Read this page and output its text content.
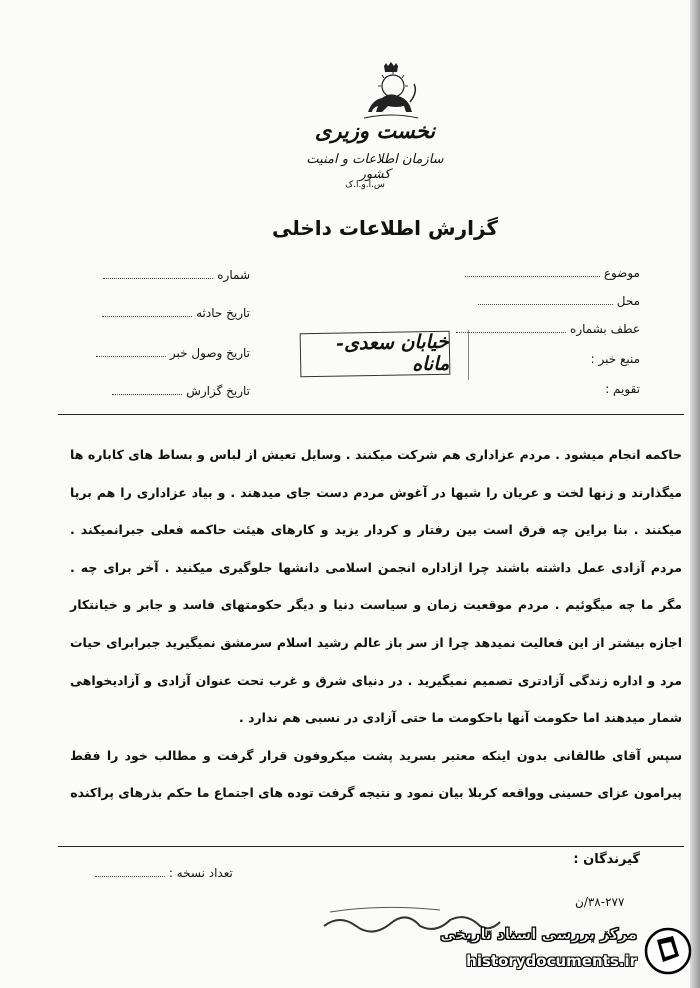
نخست وزیری
سازمان اطلاعات و امنیت کشور
س.ا.و.ا.ک
گزارش اطلاعات داخلی
موضوع
محل
عطف بشماره
منبع خبر :
تقویم :
شماره
تاریخ حادثه
تاریخ وصول خبر
تاریخ گزارش
خیابان سعدی-ماناه

حاکمه انجام میشود . مردم عزاداری هم شرکت میکنند . وسایل تعیش از لباس و بساط های کاباره ها میگذارند و زنها لخت و عریان را شبها در آغوش مردم دست جای میدهند . و بیاد عزاداری را هم برپا میکنند . بنا براین چه فرق است بین رفتار و کردار یزید و کارهای هیئت حاکمه فعلی جبرانمیکند . مردم آزادی عمل داشته باشند چرا ازاداره انجمن اسلامی دانشها جلوگیری میکنید . آخر برای چه . مگر ما چه میگوئیم . مردم موقعیت زمان و سیاست دنیا و دیگر حکومتهای فاسد و جابر و خیانتکار اجازه بیشتر از این فعالیت نمیدهد چرا از سر باز عالم رشید اسلام سرمشق نمیگیرید جبرابرای حیات مرد و اداره زندگی آزادتری تصمیم نمیگیرید . در دنیای شرق و غرب تحت عنوان آزادی و آزادیخواهی شمار میدهند اما حکومت آنها باحکومت ما حتی آزادی در نسبی هم ندارد .

سپس آقای طالقانی بدون اینکه معتبر بسرید پشت میکروفون قرار گرفت و مطالب خود را فقط پیرامون عزای حسینی وواقعه کربلا بیان نمود و نتیجه گرفت توده های اجتماع ما حکم بذرهای پراکنده

گیرندگان :
تعداد نسخه :
۳۸-۲۷۷/ن
مرکز بررسی اسناد تاریخی
historydocuments.ir
